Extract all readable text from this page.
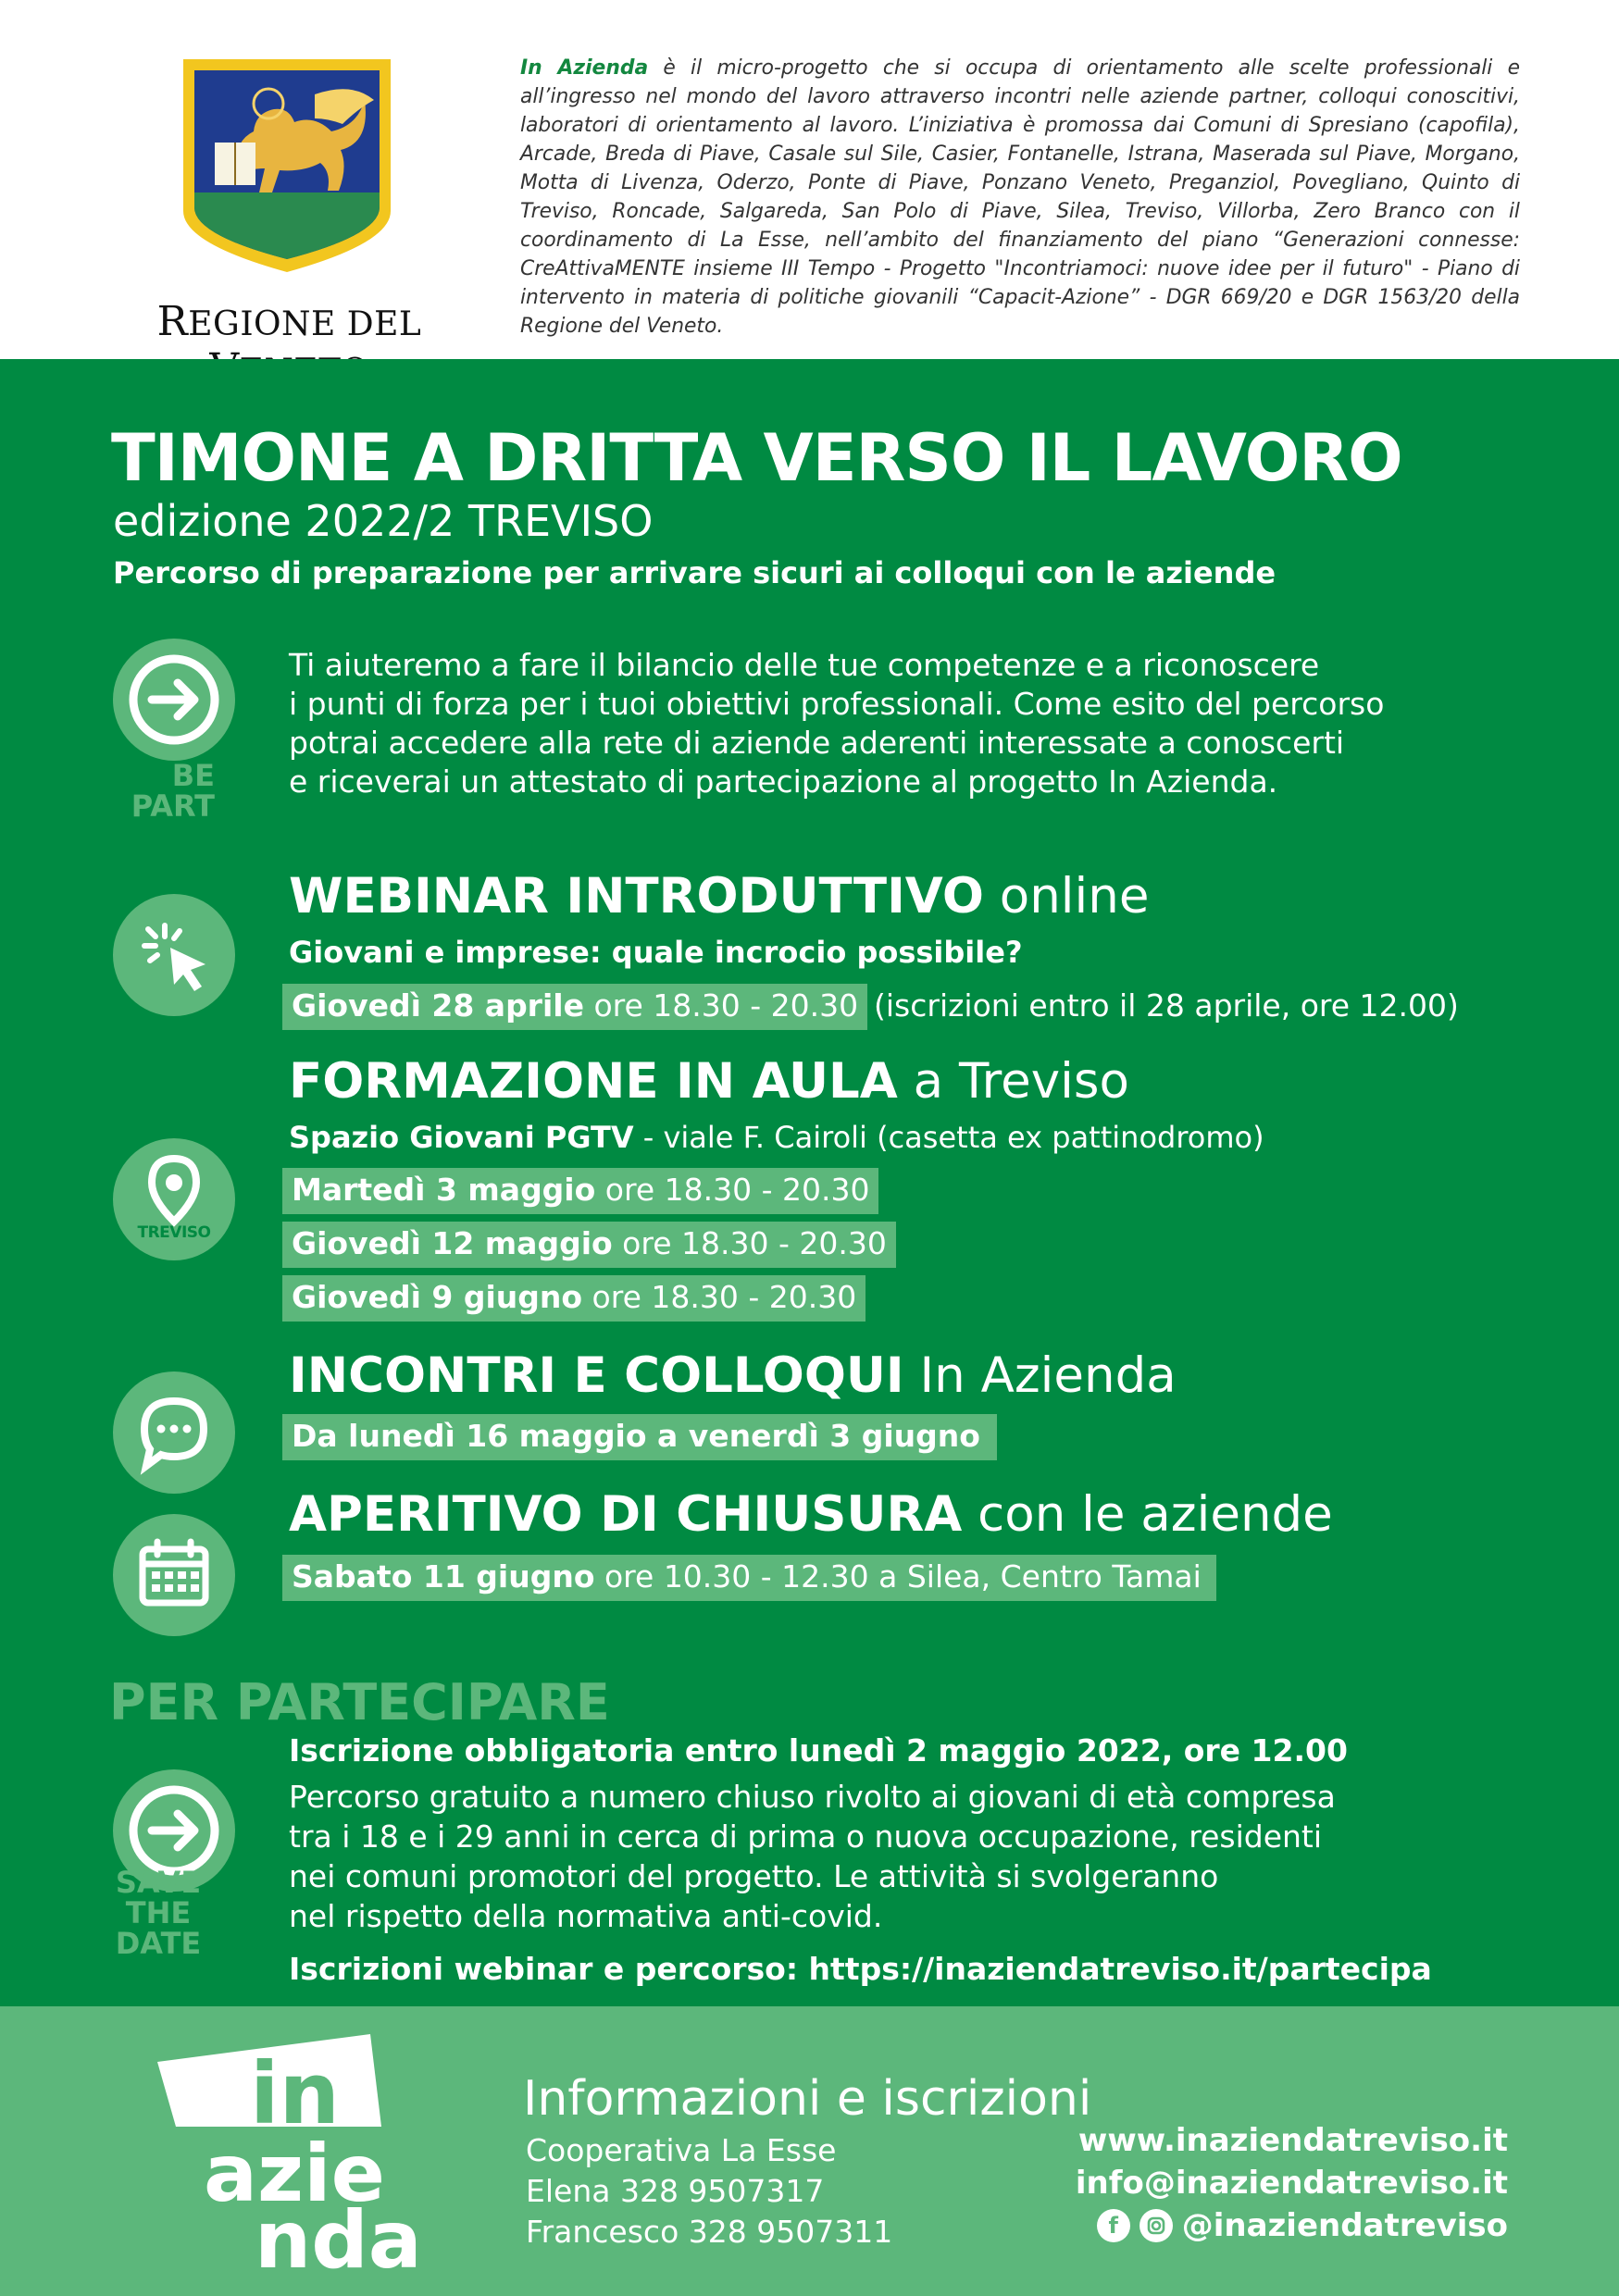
REGIONE DEL

In Azienda è il micro-progetto che si occupa di orientamento alle scelte professionali e all’ingresso nel mondo del lavoro attraverso incontri nelle aziende partner, colloqui conoscitivi, laboratori di orientamento al lavoro. L’iniziativa è promossa dai Comuni di Spresiano (capofila), Arcade, Breda di Piave, Casale sul Sile, Casier, Fontanelle, Istrana, Maserada sul Piave, Morgano, Motta di Livenza, Oderzo, Ponte di Piave, Ponzano Veneto, Preganziol, Povegliano, Quinto di Treviso, Roncade, Salgareda, San Polo di Piave, Silea, Treviso, Villorba, Zero Branco con il coordinamento di La Esse, nell’ambito del finanziamento del piano “Generazioni connesse: CreAttivaMENTE insieme III Tempo - Progetto "Incontriamoci: nuove idee per il futuro" - Piano di intervento in materia di politiche giovanili “Capacit-Azione” - DGR 669/20 e DGR 1563/20 della Regione del Veneto.

TIMONE A DRITTA VERSO IL LAVORO
edizione 2022/2 TREVISO
Percorso di preparazione per arrivare sicuri ai colloqui con le aziende
BE
PART
Ti aiuteremo a fare il bilancio delle tue competenze e a riconoscere
i punti di forza per i tuoi obiettivi professionali. Come esito del percorso
potrai accedere alla rete di aziende aderenti interessate a conoscerti
e riceverai un attestato di partecipazione al progetto In Azienda.
WEBINAR INTRODUTTIVO online
Giovani e imprese: quale incrocio possibile?
Giovedì 28 aprile ore 18.30 - 20.30 (iscrizioni entro il 28 aprile, ore 12.00)
TREVISO
FORMAZIONE IN AULA a Treviso
Spazio Giovani PGTV - viale F. Cairoli (casetta ex pattinodromo)
Martedì 3 maggio ore 18.30 - 20.30
Giovedì 12 maggio ore 18.30 - 20.30
Giovedì 9 giugno ore 18.30 - 20.30
INCONTRI E COLLOQUI In Azienda
Da lunedì 16 maggio a venerdì 3 giugno
APERITIVO DI CHIUSURA con le aziende
Sabato 11 giugno ore 10.30 - 12.30 a Silea, Centro Tamai
PER PARTECIPARE
Iscrizione obbligatoria entro lunedì 2 maggio 2022, ore 12.00
SAVE
THE
DATE
Percorso gratuito a numero chiuso rivolto ai giovani di età compresa
tra i 18 e i 29 anni in cerca di prima o nuova occupazione, residenti
nei comuni promotori del progetto. Le attività si svolgeranno
nel rispetto della normativa anti-covid.
Iscrizioni webinar e percorso: https://inaziendatreviso.it/partecipa
in
azie
nda
Informazioni e iscrizioni
Cooperativa La Esse
Elena 328 9507317
Francesco 328 9507311
www.inaziendatreviso.it
info@inaziendatreviso.it
f	@inaziendatreviso
